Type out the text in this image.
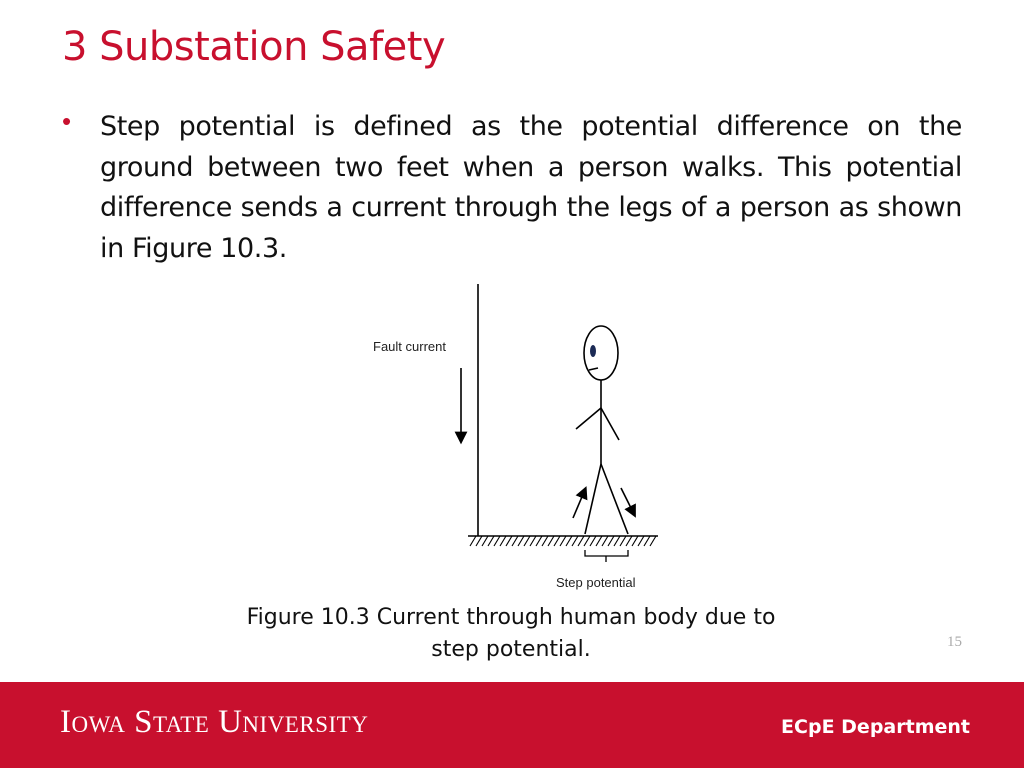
3 Substation Safety
• Step potential is defined as the potential difference on the ground between two feet when a person walks. This potential difference sends a current through the legs of a person as shown in Figure 10.3.

Fault current
Step potential
Figure 10.3 Current through human body due to step potential.	15
Iowa State University	ECpE Department
